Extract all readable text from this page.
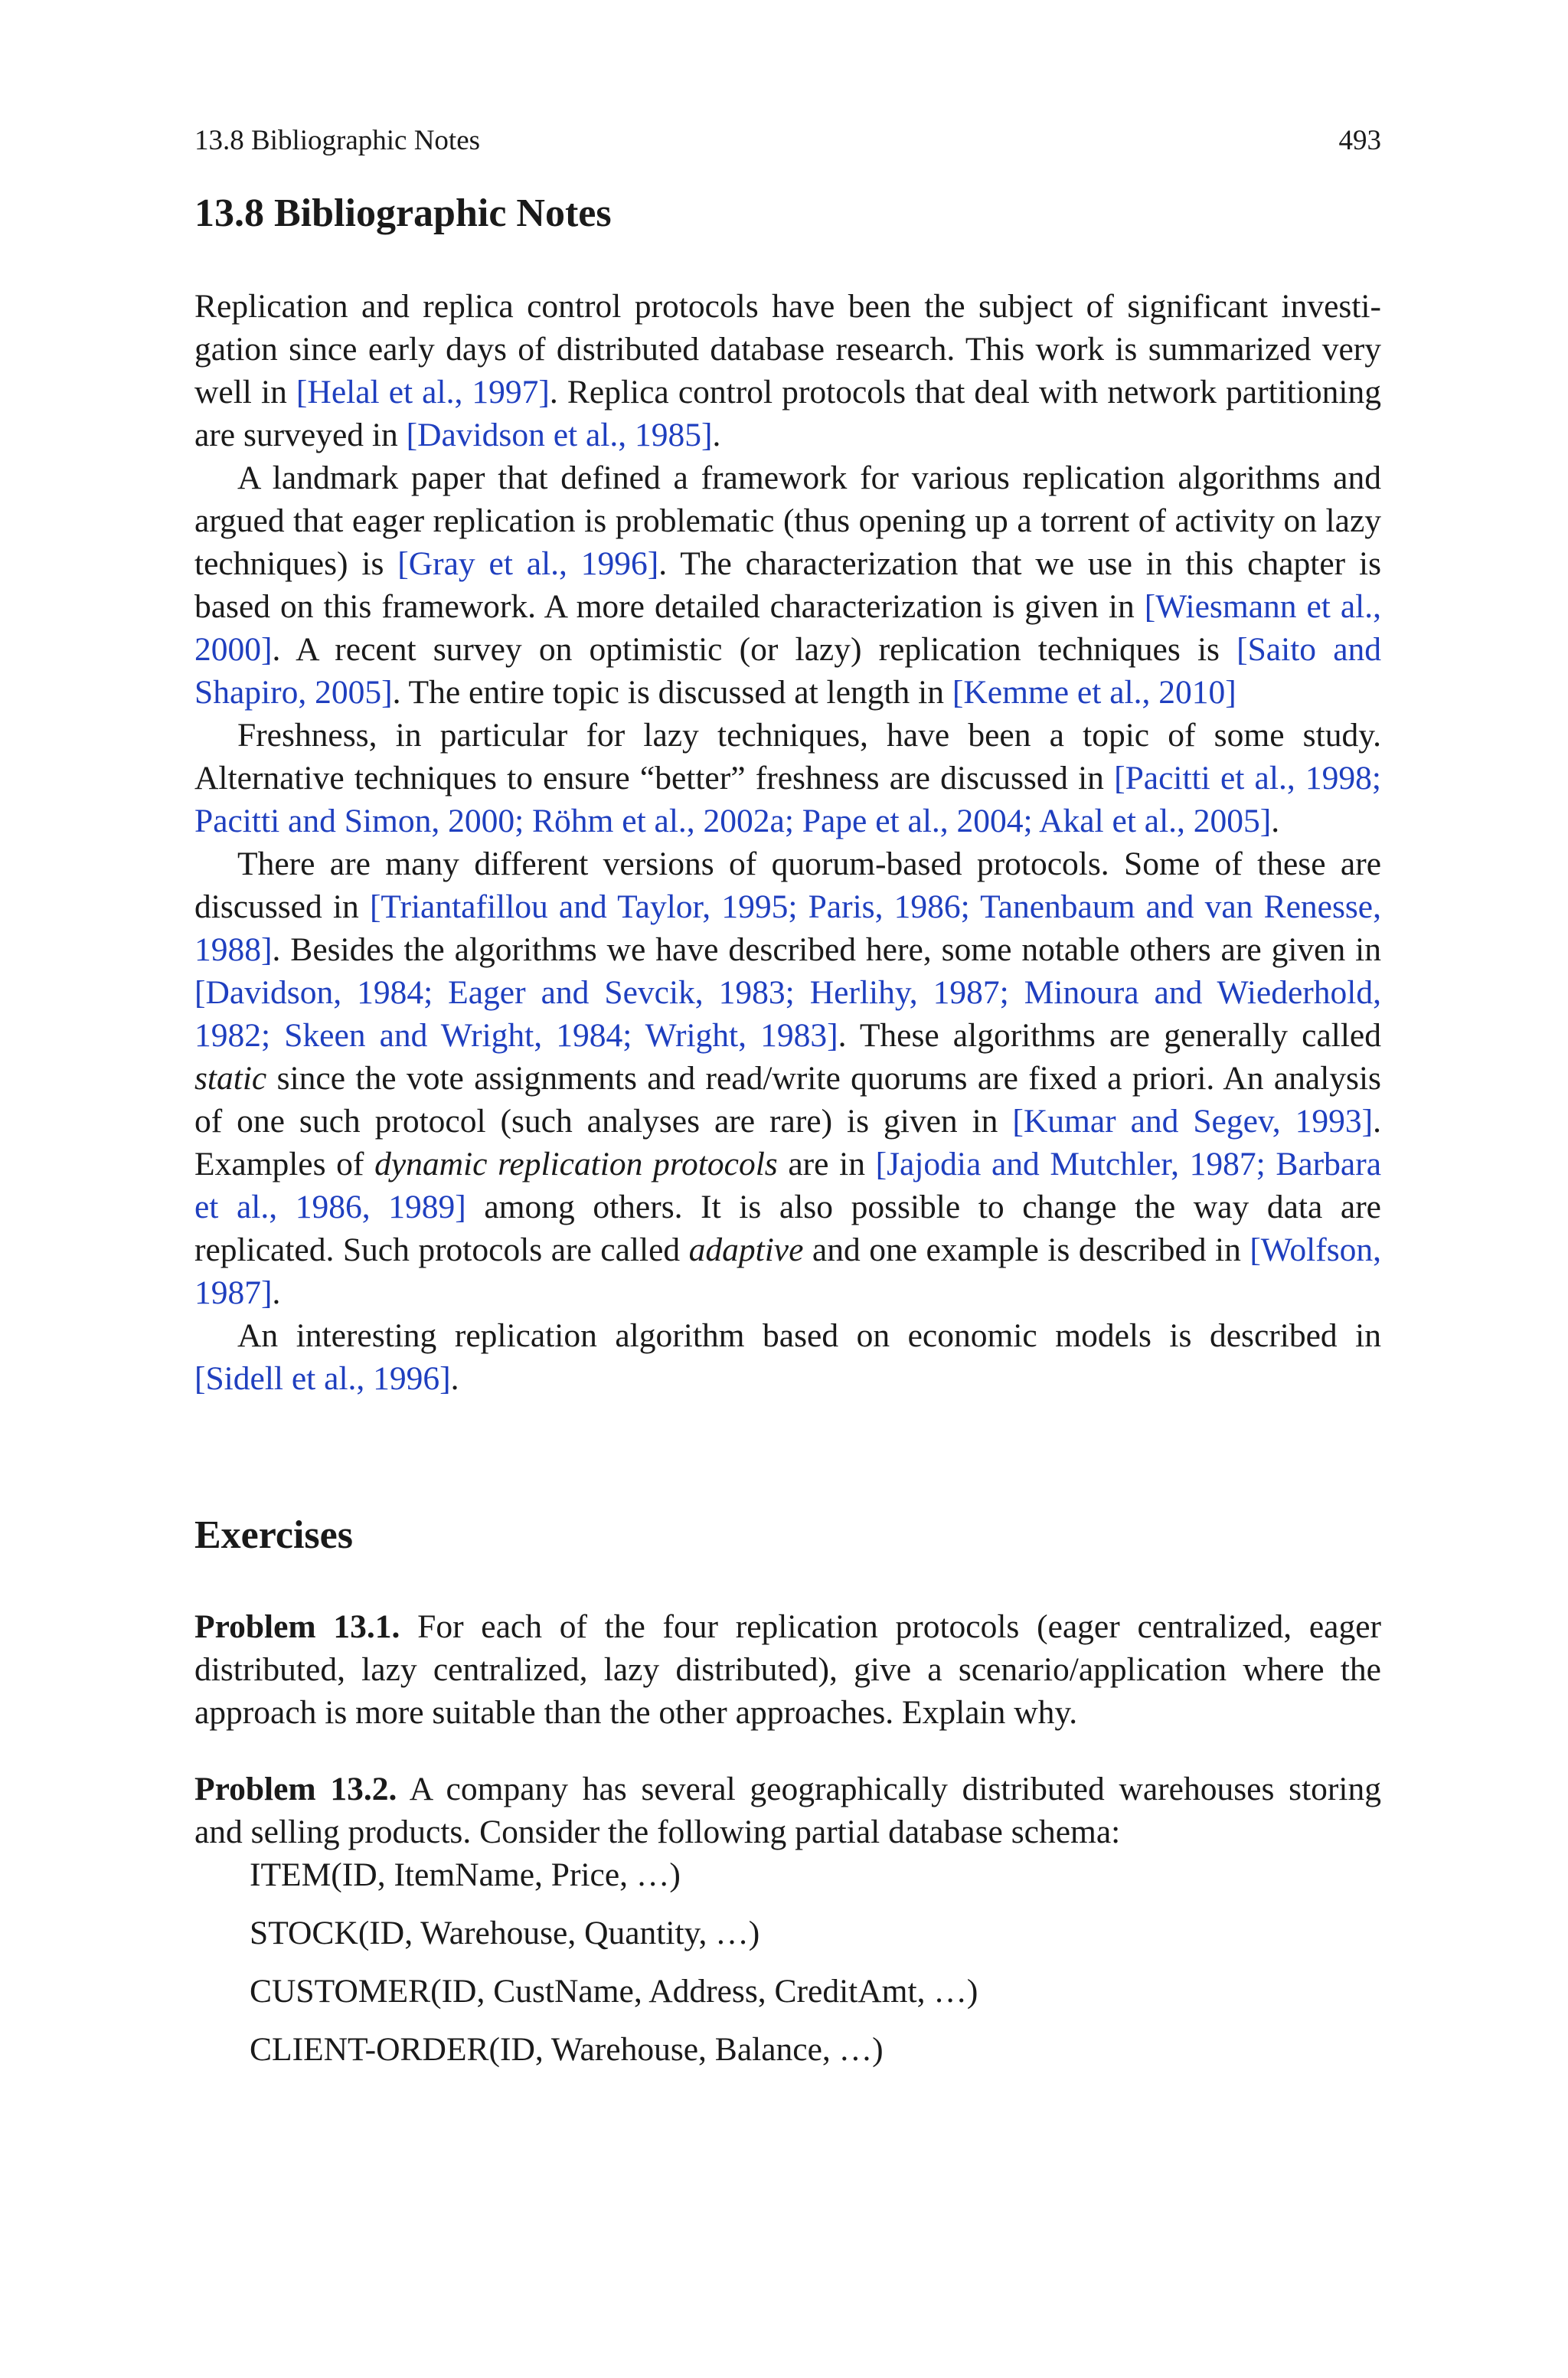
13.8 Bibliographic Notes	493
13.8 Bibliographic Notes

Replication and replica control protocols have been the subject of significant investigation since early days of distributed database research. This work is summarized very well in [Helal et al., 1997]. Replica control protocols that deal with network partitioning are surveyed in [Davidson et al., 1985].

A landmark paper that defined a framework for various replication algorithms and argued that eager replication is problematic (thus opening up a torrent of activity on lazy techniques) is [Gray et al., 1996]. The characterization that we use in this chapter is based on this framework. A more detailed characterization is given in [Wiesmann et al., 2000]. A recent survey on optimistic (or lazy) replication techniques is [Saito and Shapiro, 2005]. The entire topic is discussed at length in [Kemme et al., 2010]

Freshness, in particular for lazy techniques, have been a topic of some study. Alternative techniques to ensure “better” freshness are discussed in [Pacitti et al., 1998; Pacitti and Simon, 2000; Röhm et al., 2002a; Pape et al., 2004; Akal et al., 2005].

There are many different versions of quorum-based protocols. Some of these are discussed in [Triantafillou and Taylor, 1995; Paris, 1986; Tanenbaum and van Renesse, 1988]. Besides the algorithms we have described here, some notable others are given in [Davidson, 1984; Eager and Sevcik, 1983; Herlihy, 1987; Minoura and Wiederhold, 1982; Skeen and Wright, 1984; Wright, 1983]. These algorithms are generally called static since the vote assignments and read/write quorums are fixed a priori. An analysis of one such protocol (such analyses are rare) is given in [Kumar and Segev, 1993]. Examples of dynamic replication protocols are in [Jajodia and Mutchler, 1987; Barbara et al., 1986, 1989] among others. It is also possible to change the way data are replicated. Such protocols are called adaptive and one example is described in [Wolfson, 1987].

An interesting replication algorithm based on economic models is described in [Sidell et al., 1996].

Exercises

Problem 13.1. For each of the four replication protocols (eager centralized, eager distributed, lazy centralized, lazy distributed), give a scenario/application where the approach is more suitable than the other approaches. Explain why.

Problem 13.2. A company has several geographically distributed warehouses storing and selling products. Consider the following partial database schema:

ITEM(ID, ItemName, Price, …)
STOCK(ID, Warehouse, Quantity, …)
CUSTOMER(ID, CustName, Address, CreditAmt, …)
CLIENT-ORDER(ID, Warehouse, Balance, …)
